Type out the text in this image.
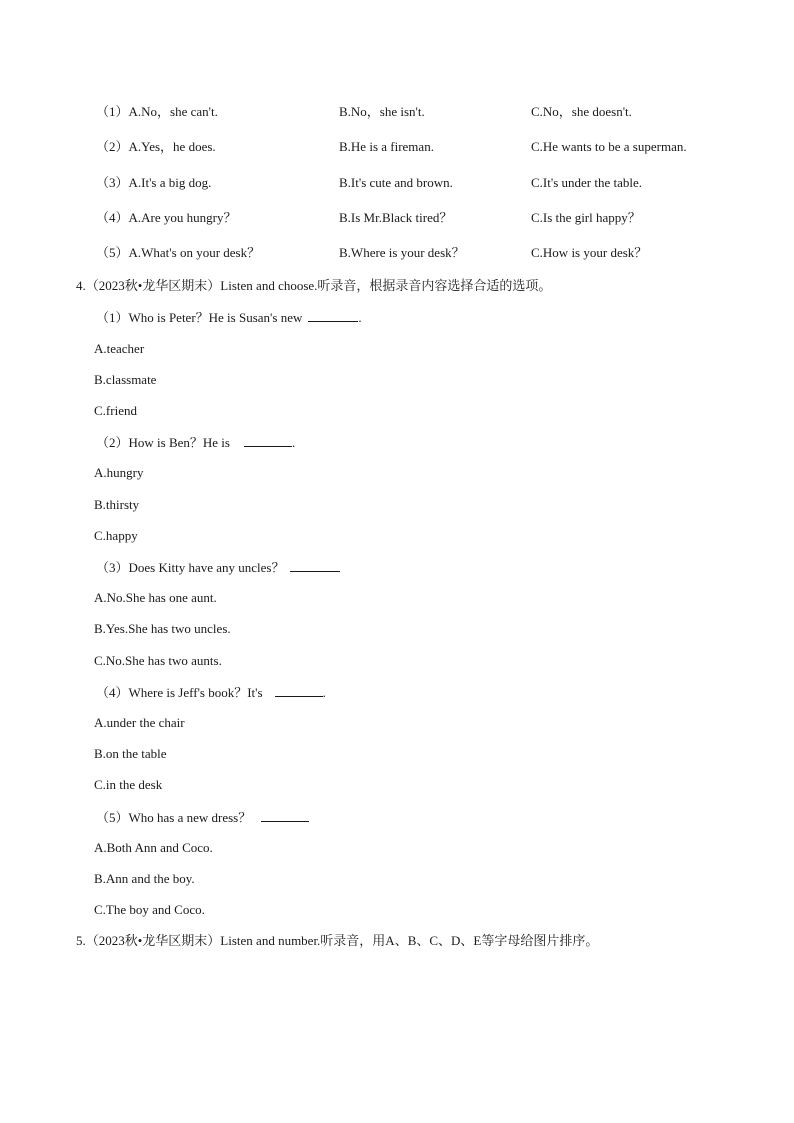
（1）A.No，she can't.	B.No，she isn't.	C.No，she doesn't.
（2）A.Yes，he does.	B.He is a fireman.	C.He wants to be a superman.
（3）A.It's a big dog.	B.It's cute and brown.	C.It's under the table.
（4）A.Are you hungry？	B.Is Mr.Black tired？	C.Is the girl happy？
（5）A.What's on your desk？	B.Where is your desk？	C.How is your desk？
4.（2023秋•龙华区期末）Listen and choose.听录音，根据录音内容选择合适的选项。
（1）Who is Peter？He is Susan's new	.
A.teacher
B.classmate
C.friend
（2）How is Ben？He is	.
A.hungry
B.thirsty
C.happy
（3）Does Kitty have any uncles？
A.No.She has one aunt.
B.Yes.She has two uncles.
C.No.She has two aunts.
（4）Where is Jeff's book？It's	.
A.under the chair
B.on the table
C.in the desk
（5）Who has a new dress？
A.Both Ann and Coco.
B.Ann and the boy.
C.The boy and Coco.
5.（2023秋•龙华区期末）Listen and number.听录音，用A、B、C、D、E等字母给图片排序。
